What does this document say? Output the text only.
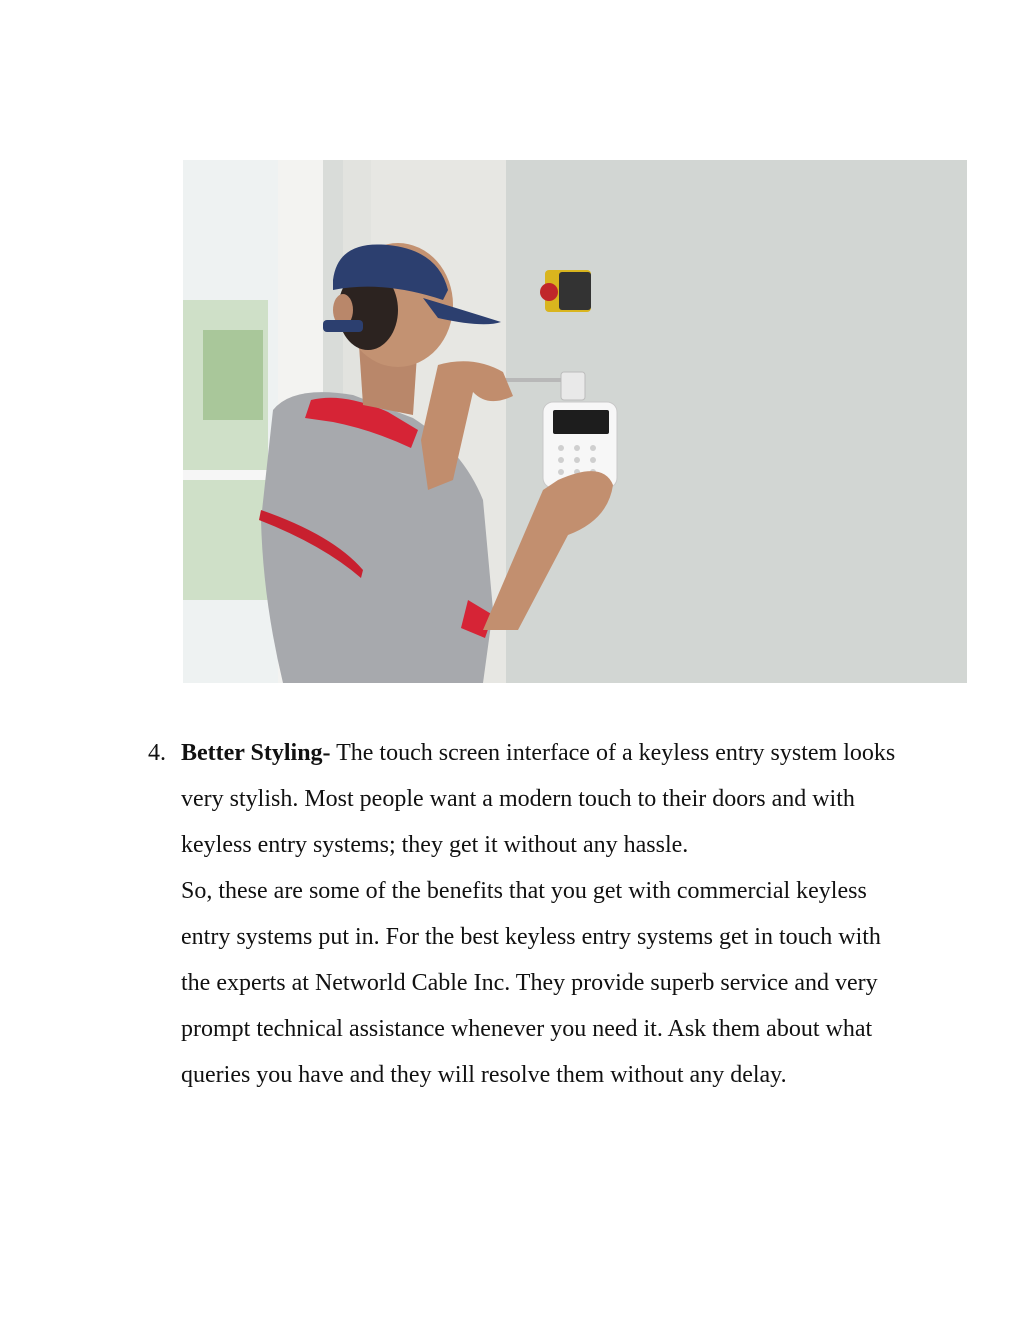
4. Better Styling- The touch screen interface of a keyless entry system looks very stylish. Most people want a modern touch to their doors and with keyless entry systems; they get it without any hassle.

So, these are some of the benefits that you get with commercial keyless entry systems put in. For the best keyless entry systems get in touch with the experts at Networld Cable Inc. They provide superb service and very prompt technical assistance whenever you need it. Ask them about what queries you have and they will resolve them without any delay.
